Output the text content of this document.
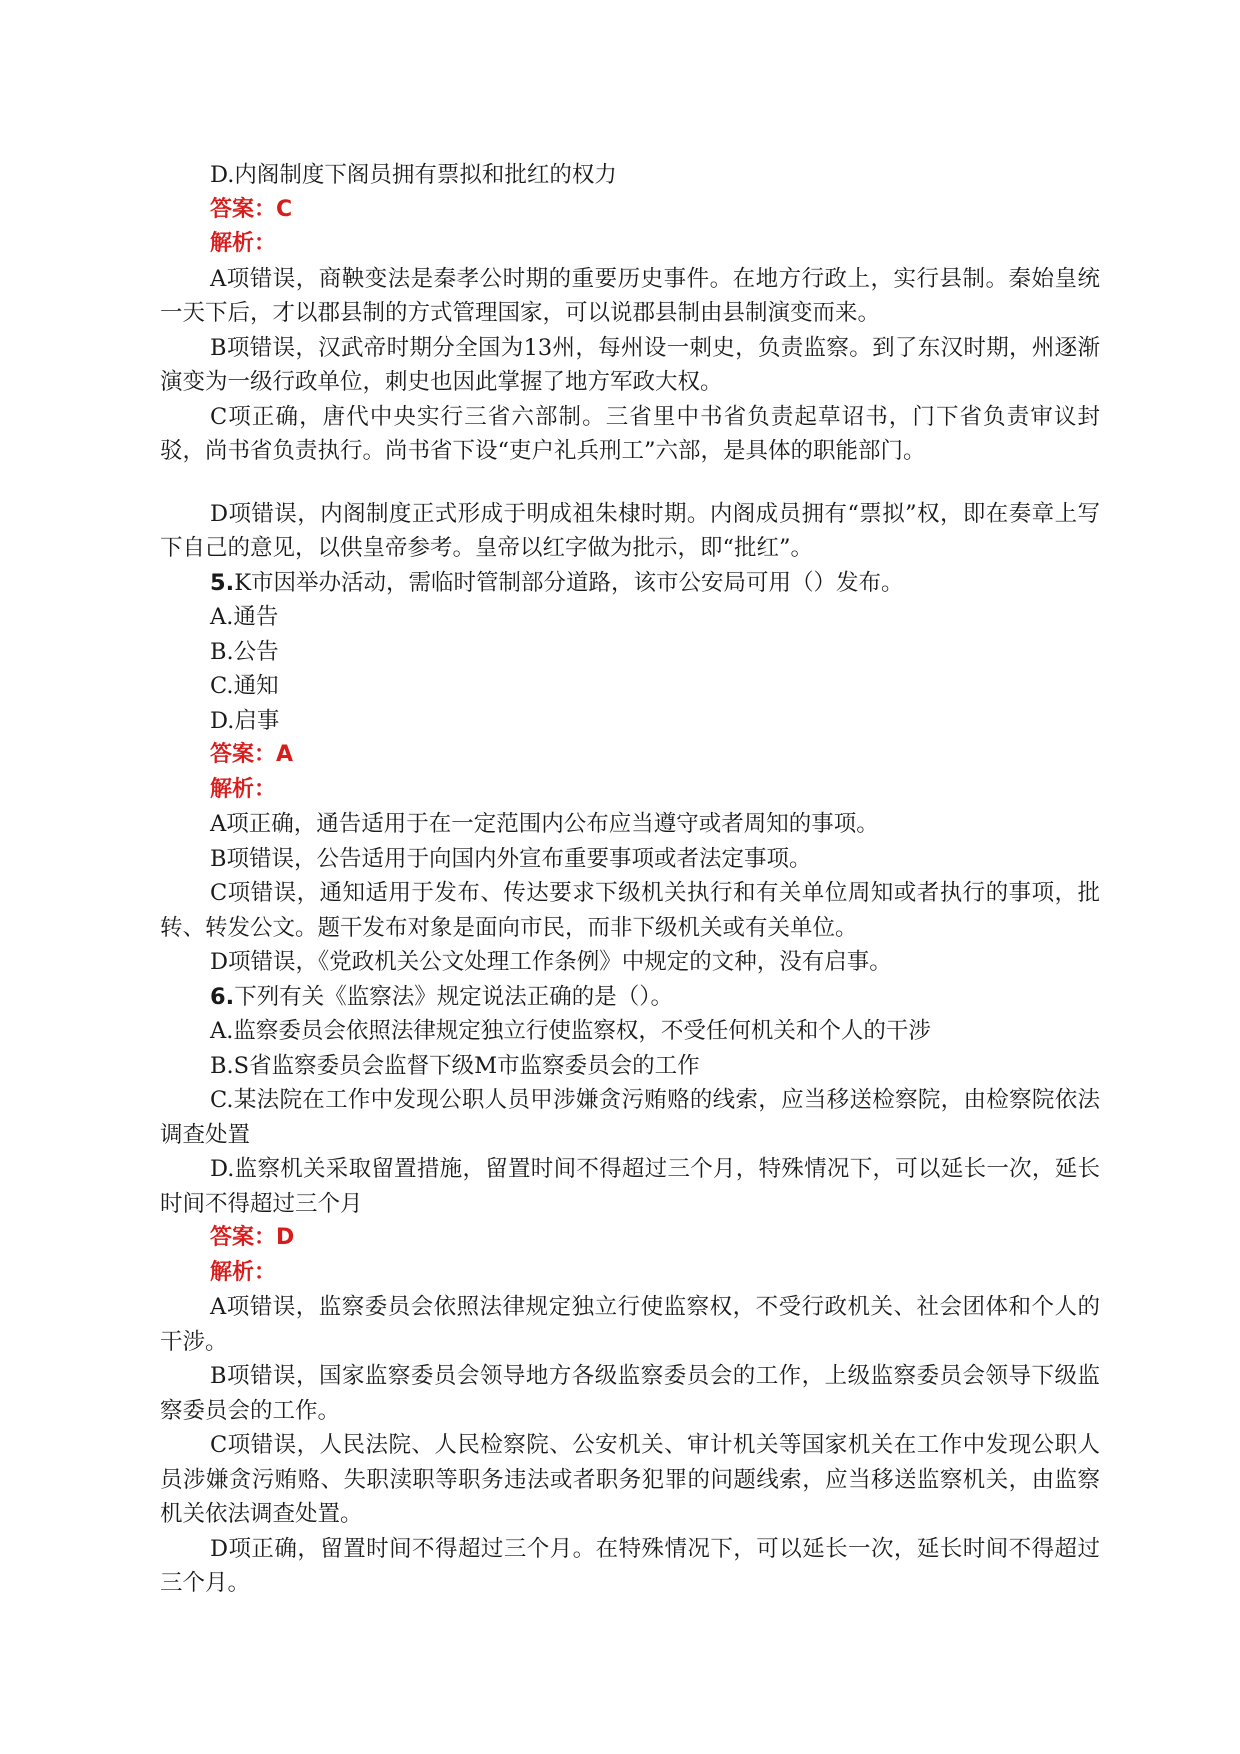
D.内阁制度下阁员拥有票拟和批红的权力

答案：C

解析：

A项错误，商鞅变法是秦孝公时期的重要历史事件。在地方行政上，实行县制。秦始皇统一天下后，才以郡县制的方式管理国家，可以说郡县制由县制演变而来。

B项错误，汉武帝时期分全国为13州，每州设一刺史，负责监察。到了东汉时期，州逐渐演变为一级行政单位，刺史也因此掌握了地方军政大权。

C项正确，唐代中央实行三省六部制。三省里中书省负责起草诏书，门下省负责审议封驳，尚书省负责执行。尚书省下设“吏户礼兵刑工”六部，是具体的职能部门。

D项错误，内阁制度正式形成于明成祖朱棣时期。内阁成员拥有“票拟”权，即在奏章上写下自己的意见，以供皇帝参考。皇帝以红字做为批示，即“批红”。

5.K市因举办活动，需临时管制部分道路，该市公安局可用（）发布。

A.通告

B.公告

C.通知

D.启事

答案：A

解析：

A项正确，通告适用于在一定范围内公布应当遵守或者周知的事项。

B项错误，公告适用于向国内外宣布重要事项或者法定事项。

C项错误，通知适用于发布、传达要求下级机关执行和有关单位周知或者执行的事项，批转、转发公文。题干发布对象是面向市民，而非下级机关或有关单位。

D项错误，《党政机关公文处理工作条例》中规定的文种，没有启事。

6.下列有关《监察法》规定说法正确的是（）。

A.监察委员会依照法律规定独立行使监察权，不受任何机关和个人的干涉

B.S省监察委员会监督下级M市监察委员会的工作

C.某法院在工作中发现公职人员甲涉嫌贪污贿赂的线索，应当移送检察院，由检察院依法调查处置

D.监察机关采取留置措施，留置时间不得超过三个月，特殊情况下，可以延长一次，延长时间不得超过三个月

答案：D

解析：

A项错误，监察委员会依照法律规定独立行使监察权，不受行政机关、社会团体和个人的干涉。

B项错误，国家监察委员会领导地方各级监察委员会的工作，上级监察委员会领导下级监察委员会的工作。

C项错误，人民法院、人民检察院、公安机关、审计机关等国家机关在工作中发现公职人员涉嫌贪污贿赂、失职渎职等职务违法或者职务犯罪的问题线索，应当移送监察机关，由监察机关依法调查处置。

D项正确，留置时间不得超过三个月。在特殊情况下，可以延长一次，延长时间不得超过三个月。
